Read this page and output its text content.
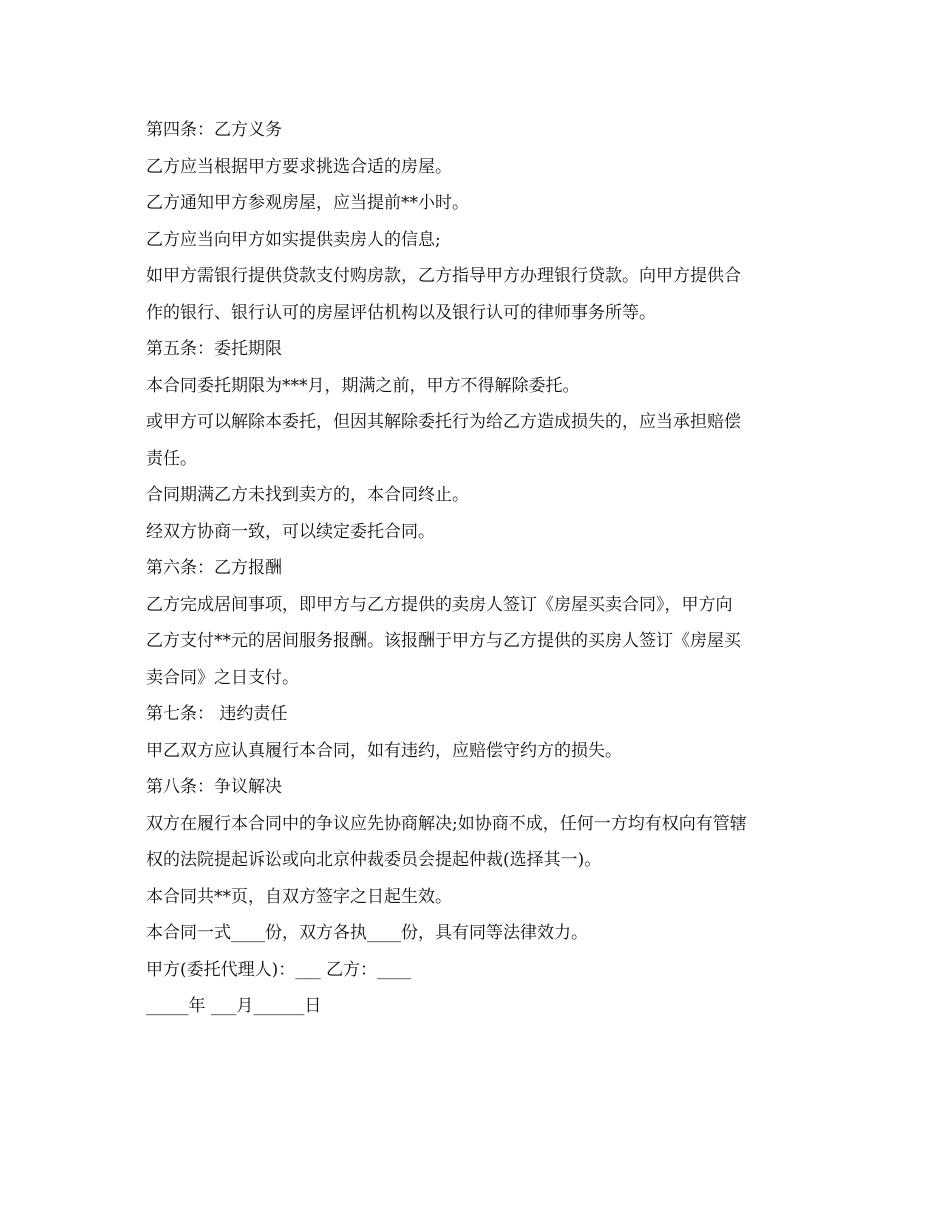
第四条：乙方义务

乙方应当根据甲方要求挑选合适的房屋。

乙方通知甲方参观房屋，应当提前**小时。

乙方应当向甲方如实提供卖房人的信息;

如甲方需银行提供贷款支付购房款，乙方指导甲方办理银行贷款。向甲方提供合

作的银行、银行认可的房屋评估机构以及银行认可的律师事务所等。

第五条：委托期限

本合同委托期限为***月，期满之前，甲方不得解除委托。

或甲方可以解除本委托，但因其解除委托行为给乙方造成损失的，应当承担赔偿

责任。

合同期满乙方未找到卖方的，本合同终止。

经双方协商一致，可以续定委托合同。

第六条：乙方报酬

乙方完成居间事项，即甲方与乙方提供的卖房人签订《房屋买卖合同》，甲方向

乙方支付**元的居间服务报酬。该报酬于甲方与乙方提供的买房人签订《房屋买

卖合同》之日支付。

第七条： 违约责任

甲乙双方应认真履行本合同，如有违约，应赔偿守约方的损失。

第八条：争议解决

双方在履行本合同中的争议应先协商解决;如协商不成，任何一方均有权向有管辖

权的法院提起诉讼或向北京仲裁委员会提起仲裁(选择其一)。

本合同共**页，自双方签字之日起生效。

本合同一式____份，双方各执____份，具有同等法律效力。

甲方(委托代理人)：___ 乙方：____

_____年 ___月______日
